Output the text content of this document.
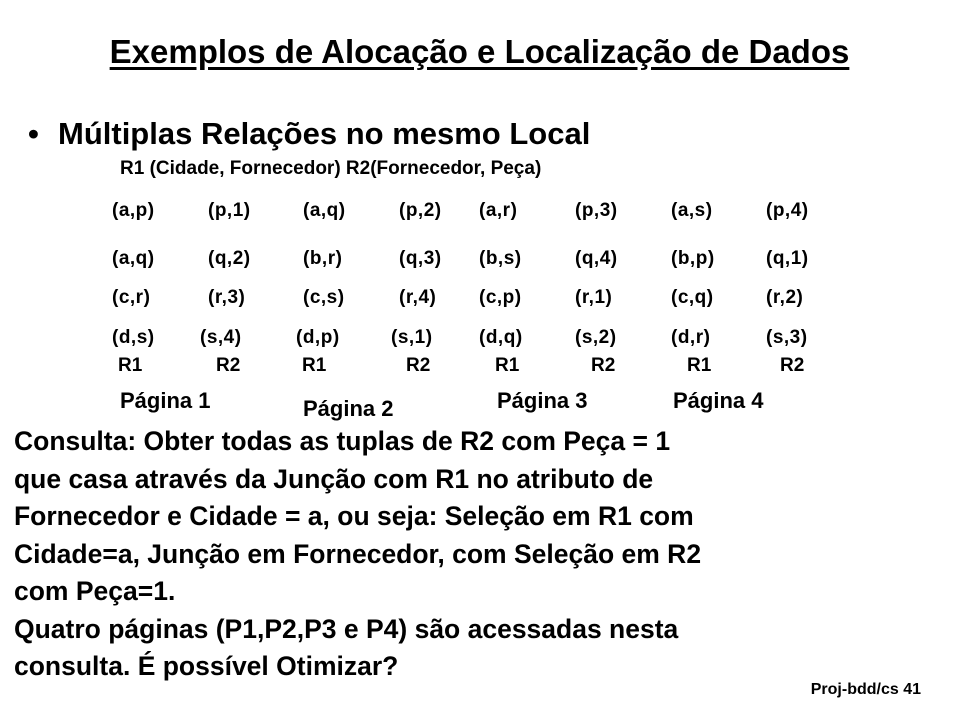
Exemplos de Alocação e Localização de Dados
• Múltiplas Relações no mesmo Local
R1 (Cidade, Fornecedor) R2(Fornecedor, Peça)
(a,p)	(p,1)	(a,q)	(p,2) (a,r)	(p,3)	(a,s)	(p,4)
(a,q)	(q,2)	(b,r)	(q,3) (b,s)	(q,4)	(b,p)	(q,1)
(c,r)	(r,3)	(c,s)	(r,4) (c,p)	(r,1)	(c,q)	(r,2)
(d,s) (s,4)	(d,p)	(s,1) (d,q)	(s,2)	(d,r)	(s,3)
R1	R2	R1	R2	R1	R2	R1	R2
Página 1	Página 2	Página 3	Página 4
Consulta: Obter todas as tuplas de R2 com Peça = 1
que casa através da Junção com R1 no atributo de
Fornecedor e Cidade = a, ou seja: Seleção em R1 com
Cidade=a, Junção em Fornecedor, com Seleção em R2
com Peça=1.
Quatro páginas (P1,P2,P3 e P4) são acessadas nesta
consulta. É possível Otimizar?
Proj-bdd/cs 41
